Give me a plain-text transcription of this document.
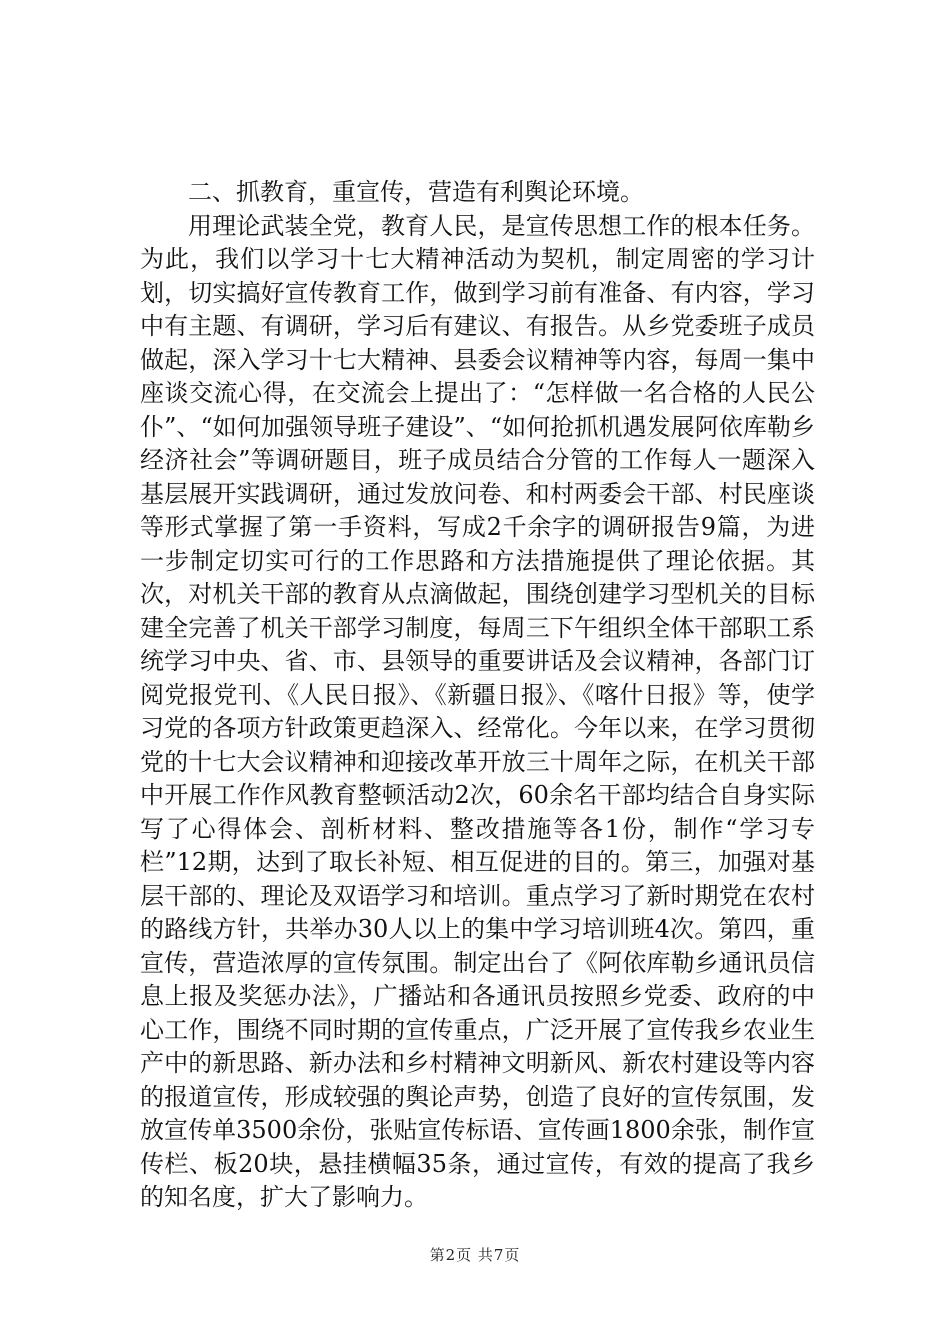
二、抓教育，重宣传，营造有利舆论环境。

用理论武装全党，教育人民，是宣传思想工作的根本任务。为此，我们以学习十七大精神活动为契机，制定周密的学习计划，切实搞好宣传教育工作，做到学习前有准备、有内容，学习中有主题、有调研，学习后有建议、有报告。从乡党委班子成员做起，深入学习十七大精神、县委会议精神等内容，每周一集中座谈交流心得，在交流会上提出了：“怎样做一名合格的人民公仆”、“如何加强领导班子建设”、“如何抢抓机遇发展阿依库勒乡经济社会”等调研题目，班子成员结合分管的工作每人一题深入基层展开实践调研，通过发放问卷、和村两委会干部、村民座谈等形式掌握了第一手资料，写成2千余字的调研报告9篇，为进一步制定切实可行的工作思路和方法措施提供了理论依据。其次，对机关干部的教育从点滴做起，围绕创建学习型机关的目标建全完善了机关干部学习制度，每周三下午组织全体干部职工系统学习中央、省、市、县领导的重要讲话及会议精神，各部门订阅党报党刊、《人民日报》、《新疆日报》、《喀什日报》等，使学习党的各项方针政策更趋深入、经常化。今年以来，在学习贯彻党的十七大会议精神和迎接改革开放三十周年之际，在机关干部中开展工作作风教育整顿活动2次，60余名干部均结合自身实际写了心得体会、剖析材料、整改措施等各1份，制作“学习专栏”12期，达到了取长补短、相互促进的目的。第三，加强对基层干部的、理论及双语学习和培训。重点学习了新时期党在农村的路线方针，共举办30人以上的集中学习培训班4次。第四，重宣传，营造浓厚的宣传氛围。制定出台了《阿依库勒乡通讯员信息上报及奖惩办法》，广播站和各通讯员按照乡党委、政府的中心工作，围绕不同时期的宣传重点，广泛开展了宣传我乡农业生产中的新思路、新办法和乡村精神文明新风、新农村建设等内容的报道宣传，形成较强的舆论声势，创造了良好的宣传氛围，发放宣传单3500余份，张贴宣传标语、宣传画1800余张，制作宣传栏、板20块，悬挂横幅35条，通过宣传，有效的提高了我乡的知名度，扩大了影响力。

第2页 共7页
